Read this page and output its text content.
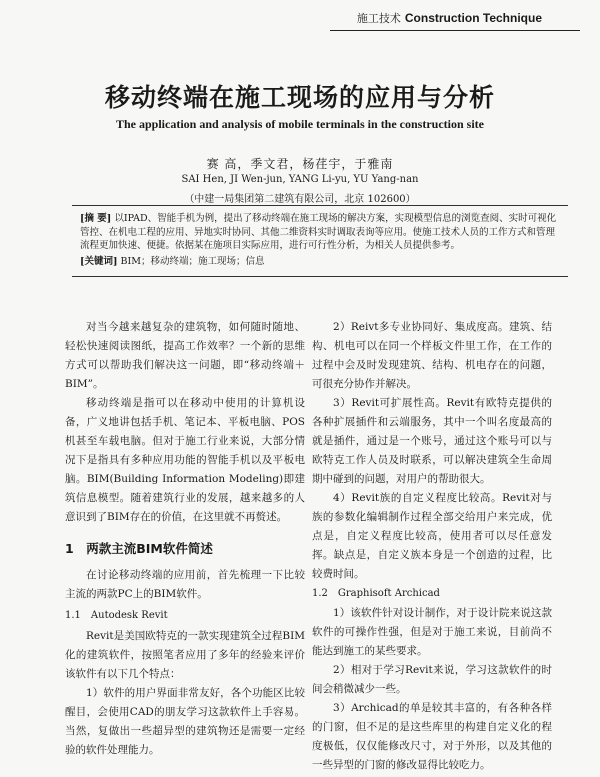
施工技术 Construction Technique
移动终端在施工现场的应用与分析
The application and analysis of mobile terminals in the construction site
赛 高，季文君，杨荏宇，于雅南
SAI Hen, JI Wen-jun, YANG Li-yu, YU Yang-nan
（中建一局集团第二建筑有限公司，北京 102600）
[摘 要] 以IPAD、智能手机为例，提出了移动终端在施工现场的解决方案，实现模型信息的浏览查阅、实时可视化管控、在机电工程的应用、异地实时协同、其他二维资料实时调取表询等应用。使施工技术人员的工作方式和管理流程更加快速、便捷。依据某在施项目实际应用，进行可行性分析，为相关人员提供参考。
[关键词] BIM；移动终端；施工现场；信息

对当今越来越复杂的建筑物，如何随时随地、轻松快速阅读图纸，提高工作效率？一个新的思维方式可以帮助我们解决这一问题，即“移动终端＋BIM”。

移动终端是指可以在移动中使用的计算机设备，广义地讲包括手机、笔记本、平板电脑、POS机甚至车载电脑。但对于施工行业来说，大部分情况下是指具有多种应用功能的智能手机以及平板电脑。BIM(Building Information Modeling)即建筑信息模型。随着建筑行业的发展，越来越多的人意识到了BIM存在的价值，在这里就不再赘述。

1　两款主流BIM软件简述

在讨论移动终端的应用前，首先梳理一下比较主流的两款PC上的BIM软件。

1.1　Autodesk Revit

Revit是美国欧特克的一款实现建筑全过程BIM化的建筑软件，按照笔者应用了多年的经验来评价该软件有以下几个特点：

1）软件的用户界面非常友好，各个功能区比较醒目，会使用CAD的朋友学习这款软件上手容易。当然，复做出一些超异型的建筑物还是需要一定经验的软件处理能力。

2）Reivt多专业协同好、集成度高。建筑、结构、机电可以在同一个样板文件里工作，在工作的过程中会及时发现建筑、结构、机电存在的问题，可很充分协作并解决。

3）Revit可扩展性高。Revit有欧特克提供的各种扩展插件和云端服务，其中一个叫名度最高的就是插件，通过是一个账号，通过这个账号可以与欧特克工作人员及时联系，可以解决建筑全生命周期中碰到的问题，对用户的帮助很大。

4）Revit族的自定义程度比较高。Revit对与族的参数化编辑制作过程全部交给用户来完成，优点是，自定义程度比较高，使用者可以尽任意发挥。缺点是，自定义族本身是一个创造的过程，比较费时间。

1.2　Graphisoft Archicad

1）该软件针对设计制作，对于设计院来说这款软件的可操作性强，但是对于施工来说，目前尚不能达到施工的某些要求。

2）相对于学习Revit来说，学习这款软件的时间会稍微减少一些。

3）Archicad的单是较其丰富的，有各种各样的门窗，但不足的是这些库里的构建自定义化的程度极低，仅仅能修改尺寸，对于外形，以及其他的一些异型的门窗的修改显得比较吃力。
